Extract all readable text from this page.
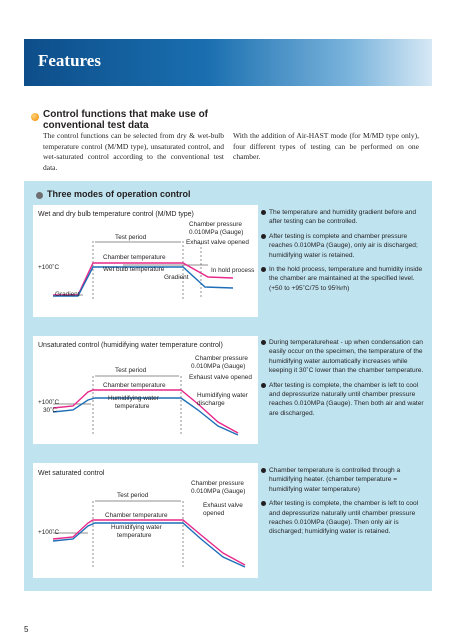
Features
Control functions that make use of
conventional test data
The control functions can be selected from dry & wet-bulb temperature control (M/MD type), unsaturated control, and wet-saturated control according to the conventional test data.
With the addition of Air-HAST mode (for M/MD type only), four different types of testing can be performed on one chamber.
Three modes of operation control
Wet and dry bulb temperature control (M/MD type)
Test period
Chamber pressure
0.010MPa (Gauge)
Exhaust valve opened
Chamber temperature
Wet bulb temperature	In hold process
Gradient
Gradient
+100˚C
The temperature and humidity gradient before and after testing can be controlled.
After testing is complete and chamber pressure reaches 0.010MPa (Gauge), only air is discharged; humidifying water is retained.
In the hold process, temperature and humidity inside the chamber are maintained at the specified level. (+50 to +95˚C/75 to 95%rh)
Unsaturated control (humidifying water temperature control)
Test period
Chamber pressure
0.010MPa (Gauge)
Exhaust valve opened
Chamber temperature
Humidifying water
temperature
Humidifying water
discharge
+100˚C
30˚C
During temperatureheat - up when condensation can easily occur on the specimen, the temperature of the humidifying water automatically increases while keeping it 30˚C lower than the chamber temperature.
After testing is complete, the chamber is left to cool and depressurize naturally until chamber pressure reaches 0.010MPa (Gauge). Then both air and water are discharged.
Wet saturated control
Test period
Chamber pressure
0.010MPa (Gauge)
Exhaust valve
opened
Chamber temperature
Humidifying water
temperature
+100˚C
Chamber temperature is controlled through a humidifying heater. (chamber temperature = humidifying water temperature)
After testing is complete, the chamber is left to cool and depressurize naturally until chamber pressure reaches 0.010MPa (Gauge). Then only air is discharged; humidifying water is retained.
5
